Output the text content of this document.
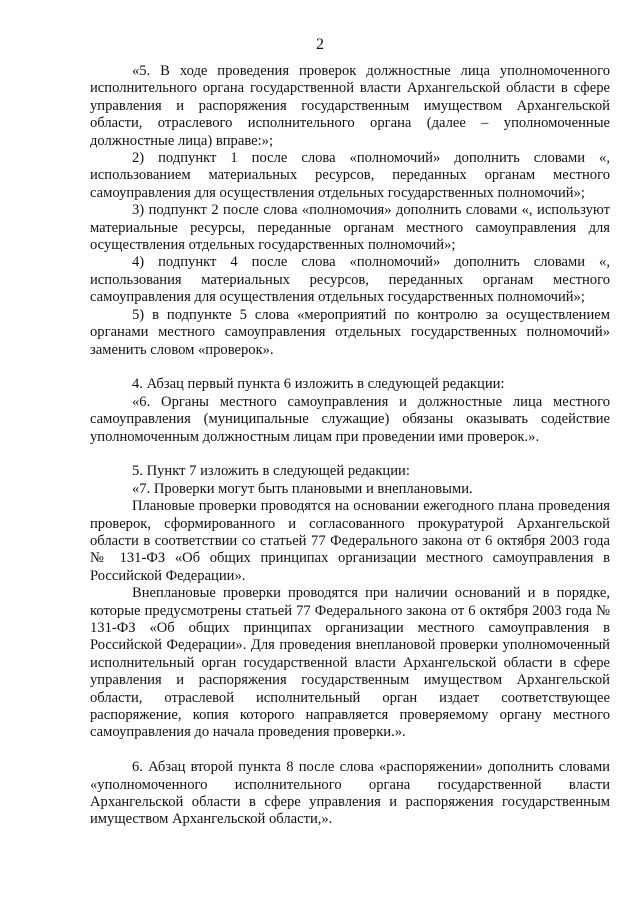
2

«5. В ходе проведения проверок должностные лица уполномоченного исполнительного органа государственной власти Архангельской области в сфере управления и распоряжения государственным имуществом Архангельской области, отраслевого исполнительного органа (далее – уполномоченные должностные лица) вправе:»;

2) подпункт 1 после слова «полномочий» дополнить словами «, использованием материальных ресурсов, переданных органам местного самоуправления для осуществления отдельных государственных полномочий»;

3) подпункт 2 после слова «полномочия» дополнить словами «, используют материальные ресурсы, переданные органам местного самоуправления для осуществления отдельных государственных полномочий»;

4) подпункт 4 после слова «полномочий» дополнить словами «, использования материальных ресурсов, переданных органам местного самоуправления для осуществления отдельных государственных полномочий»;

5) в подпункте 5 слова «мероприятий по контролю за осуществлением органами местного самоуправления отдельных государственных полномочий» заменить словом «проверок».

4. Абзац первый пункта 6 изложить в следующей редакции:

«6. Органы местного самоуправления и должностные лица местного самоуправления (муниципальные служащие) обязаны оказывать содействие уполномоченным должностным лицам при проведении ими проверок.».

5. Пункт 7 изложить в следующей редакции:

«7. Проверки могут быть плановыми и внеплановыми.

Плановые проверки проводятся на основании ежегодного плана проведения проверок, сформированного и согласованного прокуратурой Архангельской области в соответствии со статьей 77 Федерального закона от 6 октября 2003 года № 131-ФЗ «Об общих принципах организации местного самоуправления в Российской Федерации».

Внеплановые проверки проводятся при наличии оснований и в порядке, которые предусмотрены статьей 77 Федерального закона от 6 октября 2003 года № 131-ФЗ «Об общих принципах организации местного самоуправления в Российской Федерации». Для проведения внеплановой проверки уполномоченный исполнительный орган государственной власти Архангельской области в сфере управления и распоряжения государственным имуществом Архангельской области, отраслевой исполнительный орган издает соответствующее распоряжение, копия которого направляется проверяемому органу местного самоуправления до начала проведения проверки.».

6. Абзац второй пункта 8 после слова «распоряжении» дополнить словами «уполномоченного исполнительного органа государственной власти Архангельской области в сфере управления и распоряжения государственным имуществом Архангельской области,».
